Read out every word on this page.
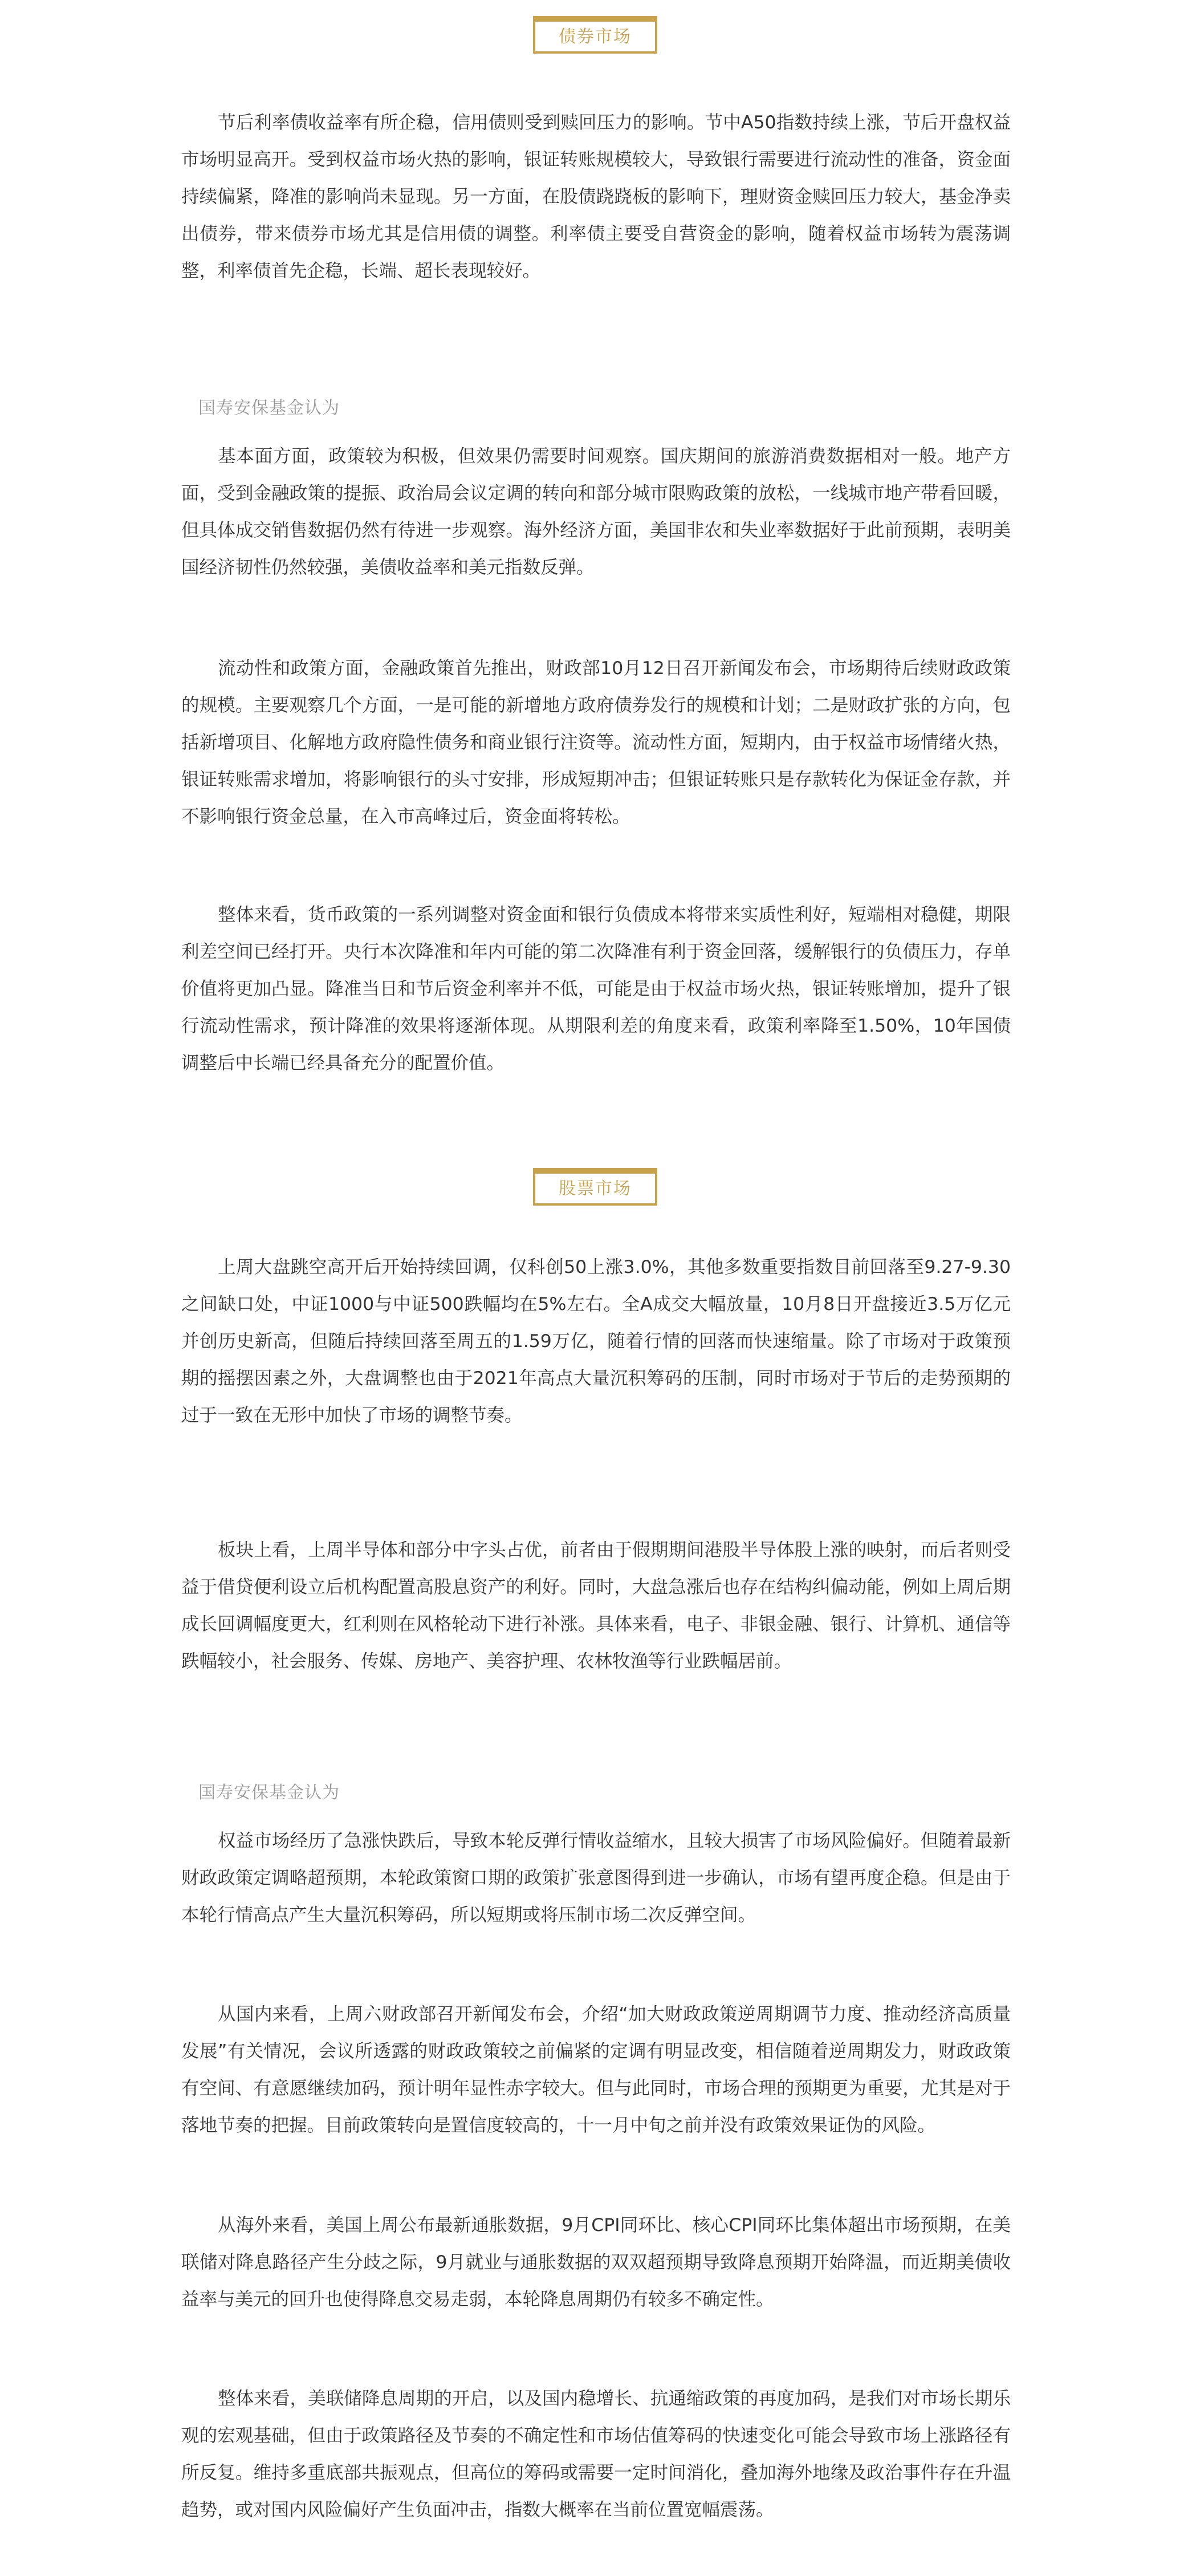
债券市场

节后利率债收益率有所企稳，信用债则受到赎回压力的影响。节中A50指数持续上涨，节后开盘权益市场明显高开。受到权益市场火热的影响，银证转账规模较大，导致银行需要进行流动性的准备，资金面持续偏紧，降准的影响尚未显现。另一方面，在股债跷跷板的影响下，理财资金赎回压力较大，基金净卖出债券，带来债券市场尤其是信用债的调整。利率债主要受自营资金的影响，随着权益市场转为震荡调整，利率债首先企稳，长端、超长表现较好。

国寿安保基金认为

基本面方面，政策较为积极，但效果仍需要时间观察。国庆期间的旅游消费数据相对一般。地产方面，受到金融政策的提振、政治局会议定调的转向和部分城市限购政策的放松，一线城市地产带看回暖，但具体成交销售数据仍然有待进一步观察。海外经济方面，美国非农和失业率数据好于此前预期，表明美国经济韧性仍然较强，美债收益率和美元指数反弹。

流动性和政策方面，金融政策首先推出，财政部10月12日召开新闻发布会，市场期待后续财政政策的规模。主要观察几个方面，一是可能的新增地方政府债券发行的规模和计划；二是财政扩张的方向，包括新增项目、化解地方政府隐性债务和商业银行注资等。流动性方面，短期内，由于权益市场情绪火热，银证转账需求增加，将影响银行的头寸安排，形成短期冲击；但银证转账只是存款转化为保证金存款，并不影响银行资金总量，在入市高峰过后，资金面将转松。

整体来看，货币政策的一系列调整对资金面和银行负债成本将带来实质性利好，短端相对稳健，期限利差空间已经打开。央行本次降准和年内可能的第二次降准有利于资金回落，缓解银行的负债压力，存单价值将更加凸显。降准当日和节后资金利率并不低，可能是由于权益市场火热，银证转账增加，提升了银行流动性需求，预计降准的效果将逐渐体现。从期限利差的角度来看，政策利率降至1.50%，10年国债调整后中长端已经具备充分的配置价值。

股票市场

上周大盘跳空高开后开始持续回调，仅科创50上涨3.0%，其他多数重要指数目前回落至9.27-9.30之间缺口处，中证1000与中证500跌幅均在5%左右。全A成交大幅放量，10月8日开盘接近3.5万亿元并创历史新高，但随后持续回落至周五的1.59万亿，随着行情的回落而快速缩量。除了市场对于政策预期的摇摆因素之外，大盘调整也由于2021年高点大量沉积筹码的压制，同时市场对于节后的走势预期的过于一致在无形中加快了市场的调整节奏。

板块上看，上周半导体和部分中字头占优，前者由于假期期间港股半导体股上涨的映射，而后者则受益于借贷便利设立后机构配置高股息资产的利好。同时，大盘急涨后也存在结构纠偏动能，例如上周后期成长回调幅度更大，红利则在风格轮动下进行补涨。具体来看，电子、非银金融、银行、计算机、通信等跌幅较小，社会服务、传媒、房地产、美容护理、农林牧渔等行业跌幅居前。

国寿安保基金认为

权益市场经历了急涨快跌后，导致本轮反弹行情收益缩水，且较大损害了市场风险偏好。但随着最新财政政策定调略超预期，本轮政策窗口期的政策扩张意图得到进一步确认，市场有望再度企稳。但是由于本轮行情高点产生大量沉积筹码，所以短期或将压制市场二次反弹空间。

从国内来看，上周六财政部召开新闻发布会，介绍“加大财政政策逆周期调节力度、推动经济高质量发展”有关情况，会议所透露的财政政策较之前偏紧的定调有明显改变，相信随着逆周期发力，财政政策有空间、有意愿继续加码，预计明年显性赤字较大。但与此同时，市场合理的预期更为重要，尤其是对于落地节奏的把握。目前政策转向是置信度较高的，十一月中旬之前并没有政策效果证伪的风险。

从海外来看，美国上周公布最新通胀数据，9月CPI同环比、核心CPI同环比集体超出市场预期，在美联储对降息路径产生分歧之际，9月就业与通胀数据的双双超预期导致降息预期开始降温，而近期美债收益率与美元的回升也使得降息交易走弱，本轮降息周期仍有较多不确定性。

整体来看，美联储降息周期的开启，以及国内稳增长、抗通缩政策的再度加码，是我们对市场长期乐观的宏观基础，但由于政策路径及节奏的不确定性和市场估值筹码的快速变化可能会导致市场上涨路径有所反复。维持多重底部共振观点，但高位的筹码或需要一定时间消化，叠加海外地缘及政治事件存在升温趋势，或对国内风险偏好产生负面冲击，指数大概率在当前位置宽幅震荡。
